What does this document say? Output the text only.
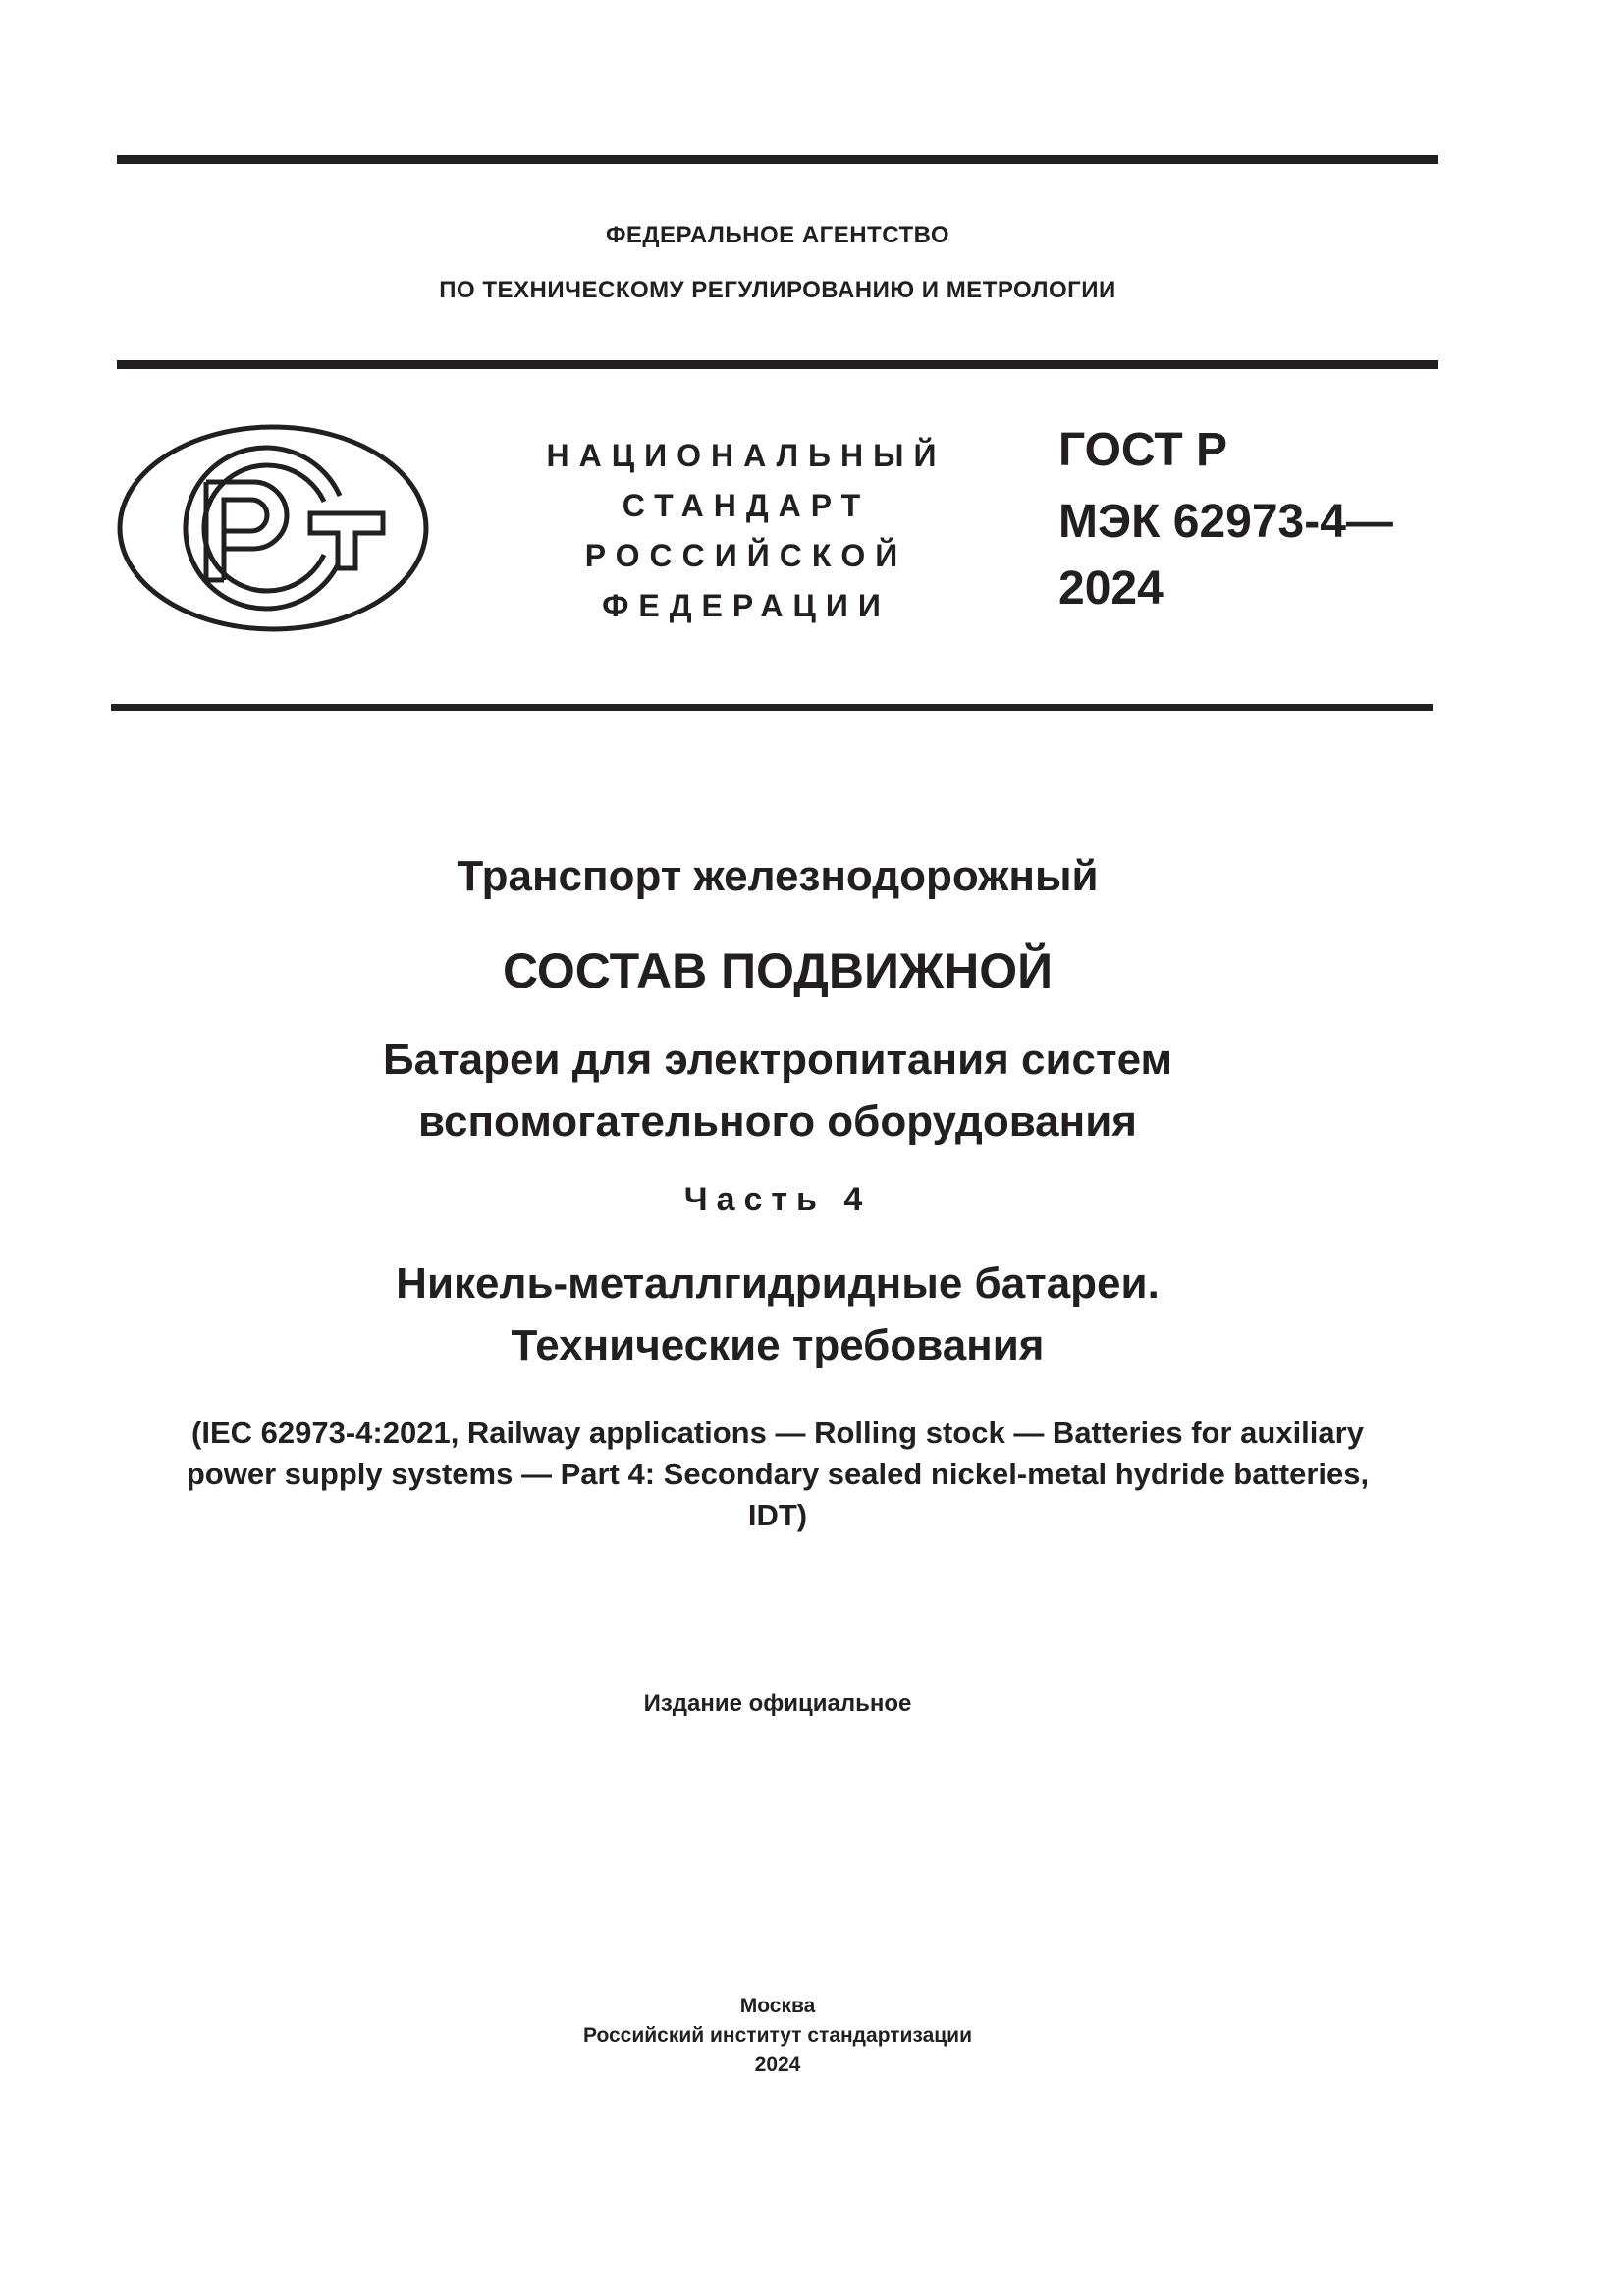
ФЕДЕРАЛЬНОЕ АГЕНТСТВО
ПО ТЕХНИЧЕСКОМУ РЕГУЛИРОВАНИЮ И МЕТРОЛОГИИ
НАЦИОНАЛЬНЫЙ
СТАНДАРТ
РОССИЙСКОЙ
ФЕДЕРАЦИИ
ГОСТ Р
МЭК 62973-4—
2024
Транспорт железнодорожный
СОСТАВ ПОДВИЖНОЙ
Батареи для электропитания систем
вспомогательного оборудования
Часть 4
Никель-металлгидридные батареи.
Технические требования
(IEC 62973-4:2021, Railway applications — Rolling stock — Batteries for auxiliary
power supply systems — Part 4: Secondary sealed nickel-metal hydride batteries,
IDT)
Издание официальное
Москва
Российский институт стандартизации
2024
